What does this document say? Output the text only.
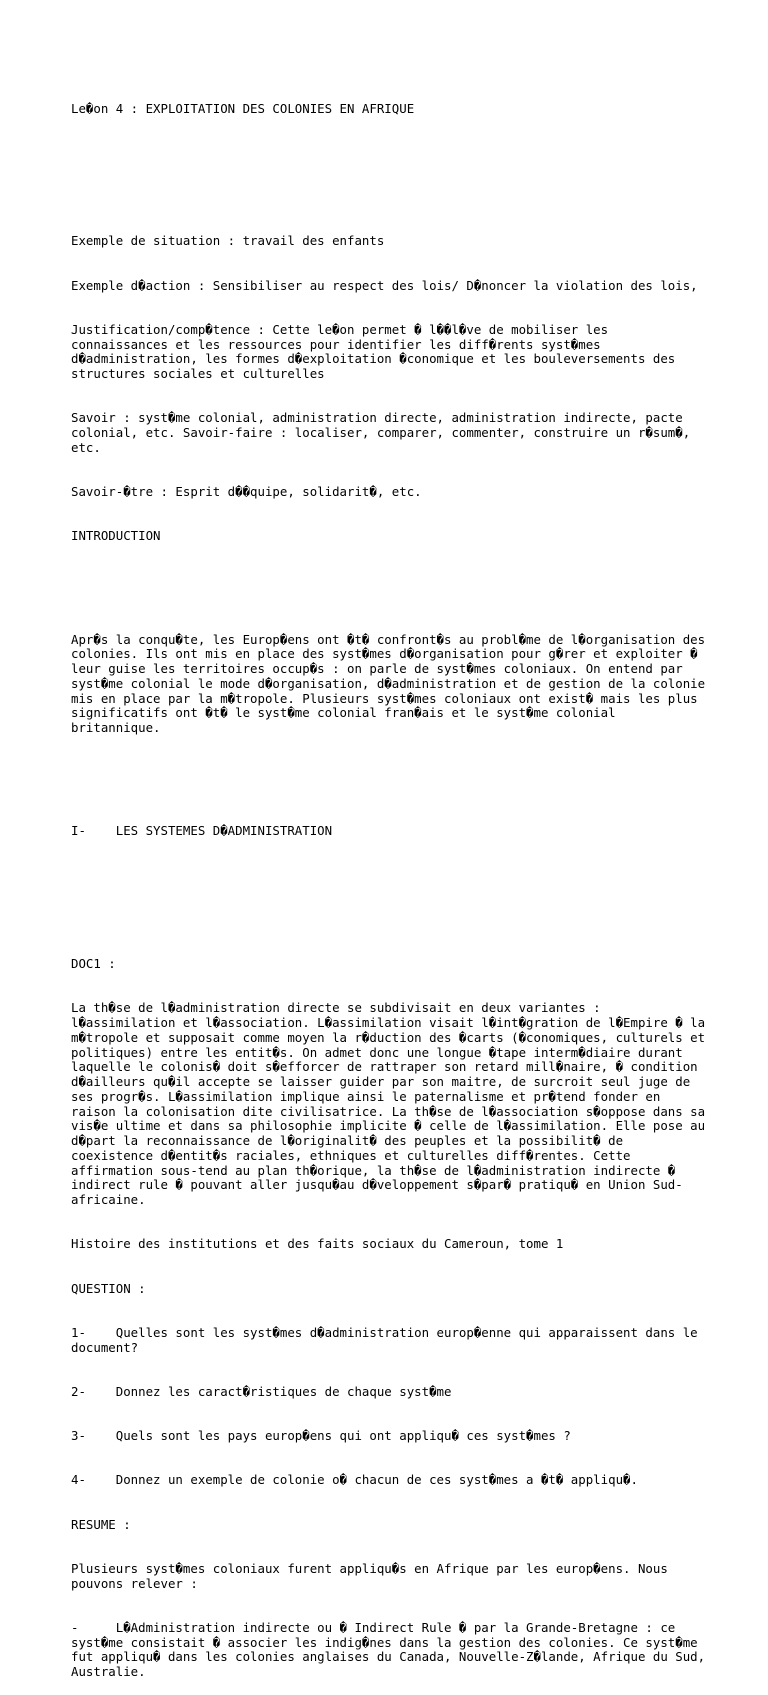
Le�on 4 : EXPLOITATION DES COLONIES EN AFRIQUE

Exemple de situation : travail des enfants

Exemple d�action : Sensibiliser au respect des lois/ D�noncer la violation des lois,

Justification/comp�tence : Cette le�on permet � l��l�ve de mobiliser les connaissances et les ressources pour identifier les diff�rents syst�mes d�administration, les formes d�exploitation �conomique et les bouleversements des structures sociales et culturelles

Savoir : syst�me colonial, administration directe, administration indirecte, pacte colonial, etc. Savoir-faire : localiser, comparer, commenter, construire un r�sum�, etc.

Savoir-�tre : Esprit d��quipe, solidarit�, etc.

INTRODUCTION

Apr�s la conqu�te, les Europ�ens ont �t� confront�s au probl�me de l�organisation des colonies. Ils ont mis en place des syst�mes d�organisation pour g�rer et exploiter � leur guise les territoires occup�s : on parle de syst�mes coloniaux. On entend par syst�me colonial le mode d�organisation, d�administration et de gestion de la colonie mis en place par la m�tropole. Plusieurs syst�mes coloniaux ont exist� mais les plus significatifs ont �t� le syst�me colonial fran�ais et le syst�me colonial britannique.

I-    LES SYSTEMES D�ADMINISTRATION

DOC1 :

La th�se de l�administration directe se subdivisait en deux variantes : l�assimilation et l�association. L�assimilation visait l�int�gration de l�Empire � la m�tropole et supposait comme moyen la r�duction des �carts (�conomiques, culturels et politiques) entre les entit�s. On admet donc une longue �tape interm�diaire durant laquelle le colonis� doit s�efforcer de rattraper son retard mill�naire, � condition d�ailleurs qu�il accepte se laisser guider par son maitre, de surcroit seul juge de ses progr�s. L�assimilation implique ainsi le paternalisme et pr�tend fonder en raison la colonisation dite civilisatrice. La th�se de l�association s�oppose dans sa vis�e ultime et dans sa philosophie implicite � celle de l�assimilation. Elle pose au d�part la reconnaissance de l�originalit� des peuples et la possibilit� de coexistence d�entit�s raciales, ethniques et culturelles diff�rentes. Cette affirmation sous-tend au plan th�orique, la th�se de l�administration indirecte � indirect rule � pouvant aller jusqu�au d�veloppement s�par� pratiqu� en Union Sud-africaine.

Histoire des institutions et des faits sociaux du Cameroun, tome 1

QUESTION :

1-    Quelles sont les syst�mes d�administration europ�enne qui apparaissent dans le document?

2-    Donnez les caract�ristiques de chaque syst�me

3-    Quels sont les pays europ�ens qui ont appliqu� ces syst�mes ?

4-    Donnez un exemple de colonie o� chacun de ces syst�mes a �t� appliqu�.

RESUME :

Plusieurs syst�mes coloniaux furent appliqu�s en Afrique par les europ�ens. Nous pouvons relever :

-     L�Administration indirecte ou � Indirect Rule � par la Grande-Bretagne : ce syst�me consistait � associer les indig�nes dans la gestion des colonies. Ce syst�me fut appliqu� dans les colonies anglaises du Canada, Nouvelle-Z�lande, Afrique du Sud, Australie.
